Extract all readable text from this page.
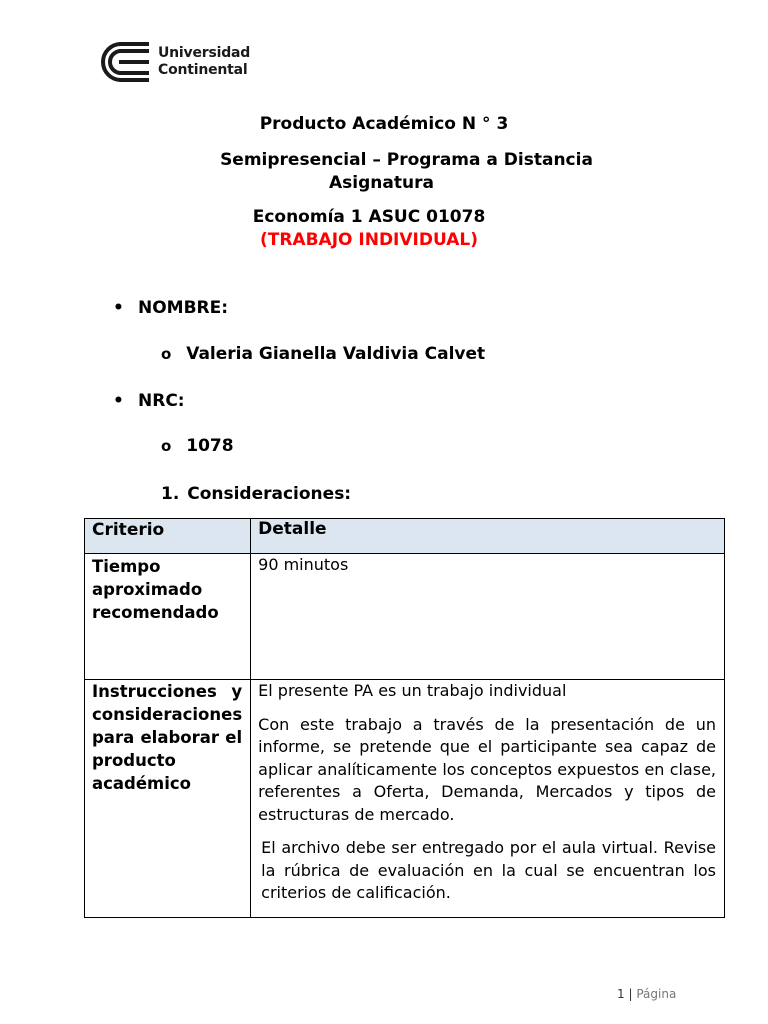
Universidad
Continental
Producto Académico N ° 3
Semipresencial – Programa a Distancia
Asignatura
Economía 1 ASUC 01078
(TRABAJO INDIVIDUAL)
• NOMBRE:
o Valeria Gianella Valdivia Calvet
• NRC:
o 1078
1. Consideraciones:
Criterio	Detalle
Tiempo aproximado recomendado	90 minutos

Instrucciones y consideraciones para elaborar el producto académico	El presente PA es un trabajo individual

Con este trabajo a través de la presentación de un informe, se pretende que el participante sea capaz de aplicar analíticamente los conceptos expuestos en clase, referentes a Oferta, Demanda, Mercados y tipos de estructuras de mercado.

El archivo debe ser entregado por el aula virtual. Revise la rúbrica de evaluación en la cual se encuentran los criterios de calificación.

1 | Página
